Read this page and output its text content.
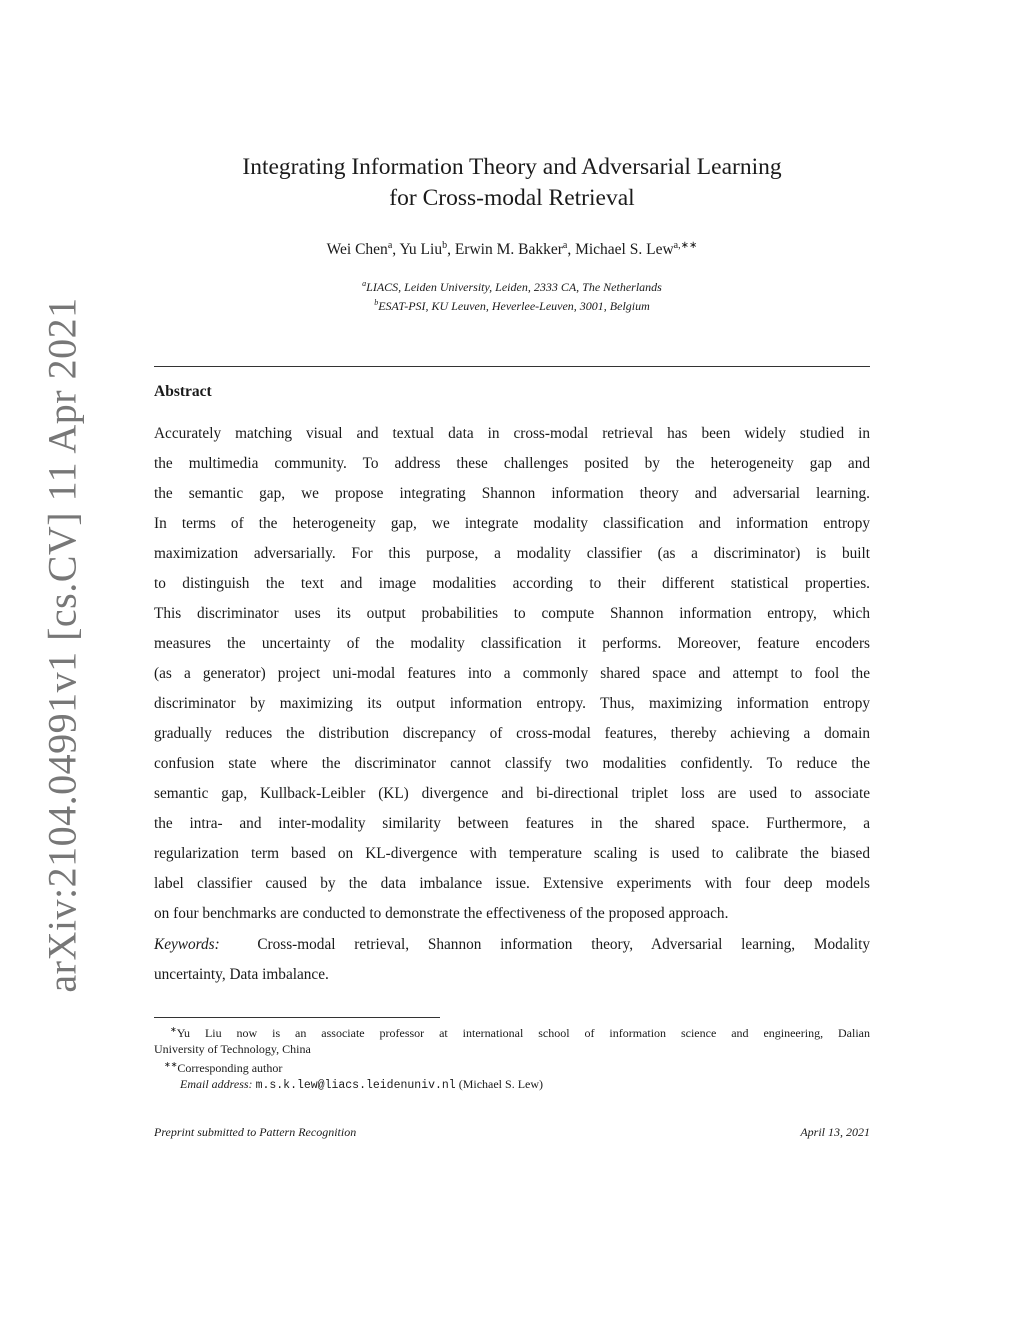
arXiv:2104.04991v1 [cs.CV] 11 Apr 2021
Integrating Information Theory and Adversarial Learning
for Cross-modal Retrieval
Wei Chen$^a$, Yu Liu$^b$, Erwin M. Bakker$^a$, Michael S. Lew$^{a,∗∗}$
$^a$LIACS, Leiden University, Leiden, 2333 CA, The Netherlands
$^b$ESAT-PSI, KU Leuven, Heverlee-Leuven, 3001, Belgium
Abstract
Accurately matching visual and textual data in cross-modal retrieval has been widely studied in
the multimedia community. To address these challenges posited by the heterogeneity gap and
the semantic gap, we propose integrating Shannon information theory and adversarial learning.
In terms of the heterogeneity gap, we integrate modality classification and information entropy
maximization adversarially. For this purpose, a modality classifier (as a discriminator) is built
to distinguish the text and image modalities according to their different statistical properties.
This discriminator uses its output probabilities to compute Shannon information entropy, which
measures the uncertainty of the modality classification it performs. Moreover, feature encoders
(as a generator) project uni-modal features into a commonly shared space and attempt to fool the
discriminator by maximizing its output information entropy. Thus, maximizing information entropy
gradually reduces the distribution discrepancy of cross-modal features, thereby achieving a domain
confusion state where the discriminator cannot classify two modalities confidently. To reduce the
semantic gap, Kullback-Leibler (KL) divergence and bi-directional triplet loss are used to associate
the intra- and inter-modality similarity between features in the shared space. Furthermore, a
regularization term based on KL-divergence with temperature scaling is used to calibrate the biased
label classifier caused by the data imbalance issue. Extensive experiments with four deep models
on four benchmarks are conducted to demonstrate the effectiveness of the proposed approach.
Keywords: Cross-modal retrieval, Shannon information theory, Adversarial learning, Modality
uncertainty, Data imbalance.
∗Yu Liu now is an associate professor at international school of information science and engineering, Dalian
University of Technology, China
∗∗Corresponding author
Email address: m.s.k.lew@liacs.leidenuniv.nl (Michael S. Lew)
Preprint submitted to Pattern Recognition	April 13, 2021
